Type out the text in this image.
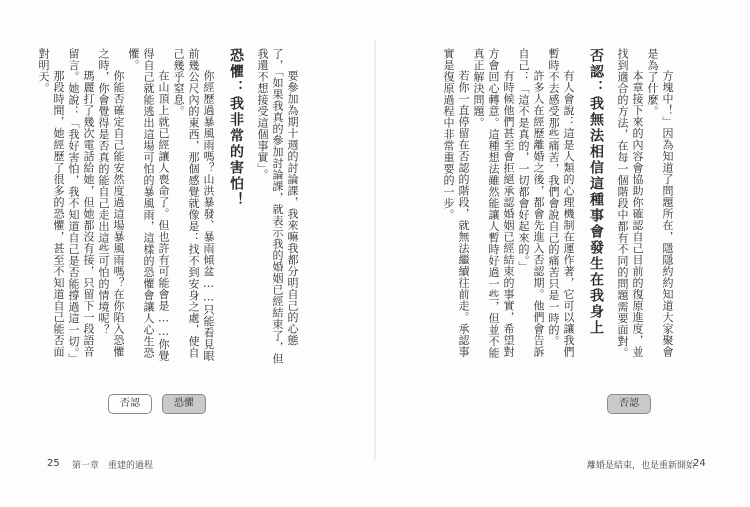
要參加為期十週的討論課，我來嘛我都分明自己的心態了，「如果我真的參加討論課，就表示我的婚姻已經結束了，但我還不想接受這個事實」。

恐懼：我非常的害怕！

你經歷過暴風雨嗎？山洪暴發、暴雨傾盆……只能看見眼前幾公尺內的東西，那個感覺就像是：找不到安身之處，使自己幾乎窒息。

在山頂上就已經讓人喪命了。但也許有可能會是……你覺得自己就能逃出這場可怕的暴風雨，這樣的恐懼會讓人心生恐懼。

你能否確定自己能安然度過這場暴風雨嗎？在你陷入恐懼之時，你會覺得是否真的能自己走出這些可怕的情境呢？

瑪麗打了幾次電話給她，但她都沒有接，只留下一段語音留言。她說：「我好害怕，我不知道自己是否能撐過這一切。」

那段時間，她經歷了很多的恐懼，甚至不知道自己能否面對明天。

否認	恐懼
25 第一章　重建的過程

方塊中！」因為知道了問題所在，隱隱約約知道大家聚會是為了什麼。

本章接下來的內容會協助你確認自己目前的復原進度，並找到適合的方法，在每一個階段中都有不同的問題需要面對。

否認：我無法相信這種事會發生在我身上

有人會說：這是人類的心理機制在運作著，它可以讓我們暫時不去感受那些痛苦，我們會說自己的痛苦只是一時的。

許多人在經歷離婚之後，都會先進入否認期。他們會告訴自己：「這不是真的，一切都會好起來的。」

有時候他們甚至會拒絕承認婚姻已經結束的事實，希望對方會回心轉意。這種想法雖然能讓人暫時好過一些，但並不能真正解決問題。

若你一直停留在否認的階段，就無法繼續往前走。承認事實是復原過程中非常重要的一步。

否認
離婚是結束，也是重新開始
24
